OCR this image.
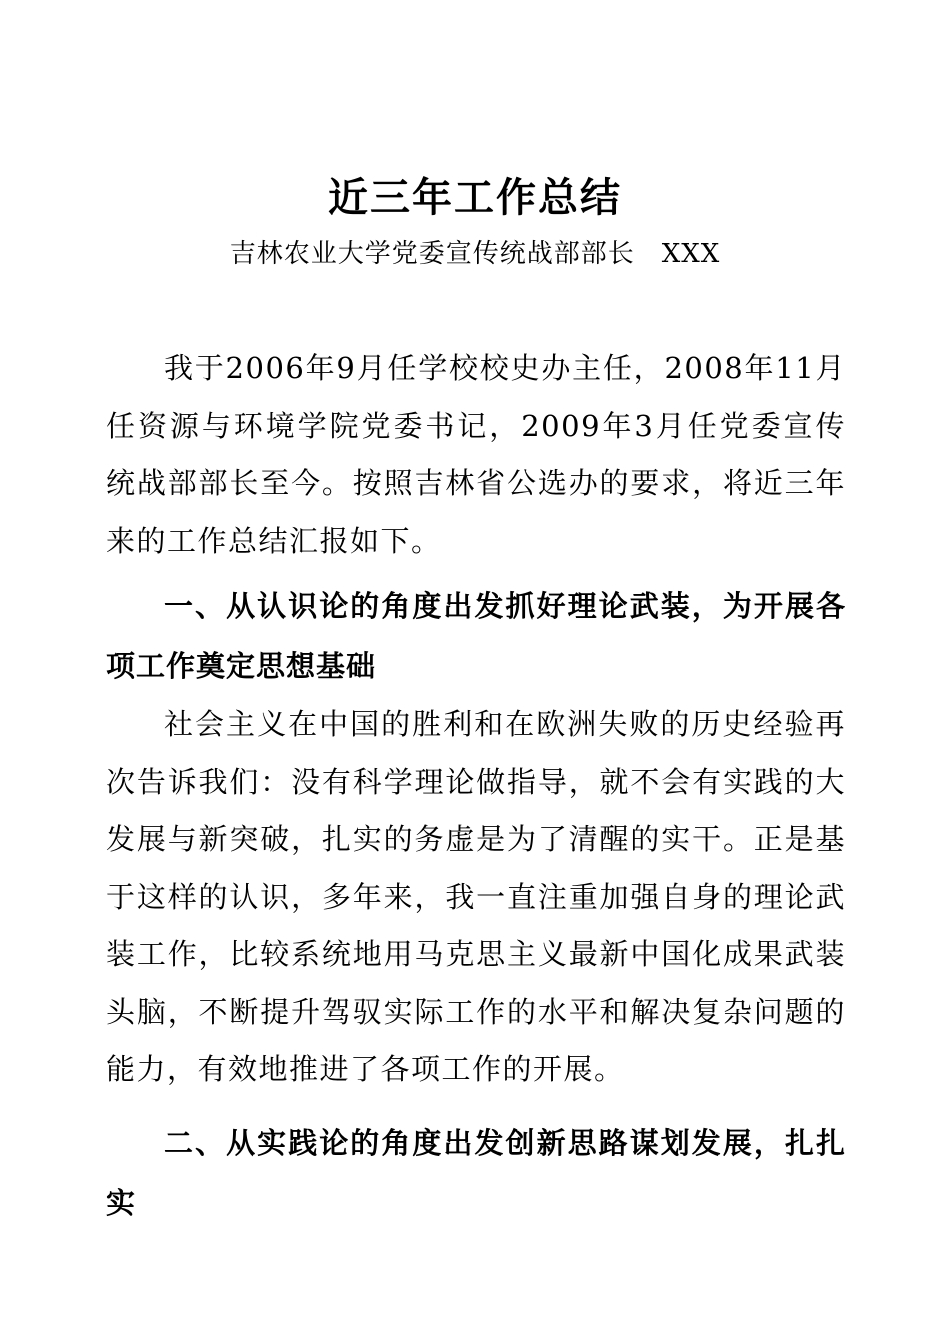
近三年工作总结
吉林农业大学党委宣传统战部部长　XXX

我于2006年9月任学校校史办主任，2008年11月任资源与环境学院党委书记，2009年3月任党委宣传统战部部长至今。按照吉林省公选办的要求，将近三年来的工作总结汇报如下。

一、从认识论的角度出发抓好理论武装，为开展各项工作奠定思想基础

社会主义在中国的胜利和在欧洲失败的历史经验再次告诉我们：没有科学理论做指导，就不会有实践的大发展与新突破，扎实的务虚是为了清醒的实干。正是基于这样的认识，多年来，我一直注重加强自身的理论武装工作，比较系统地用马克思主义最新中国化成果武装头脑，不断提升驾驭实际工作的水平和解决复杂问题的能力，有效地推进了各项工作的开展。

二、从实践论的角度出发创新思路谋划发展，扎扎实
